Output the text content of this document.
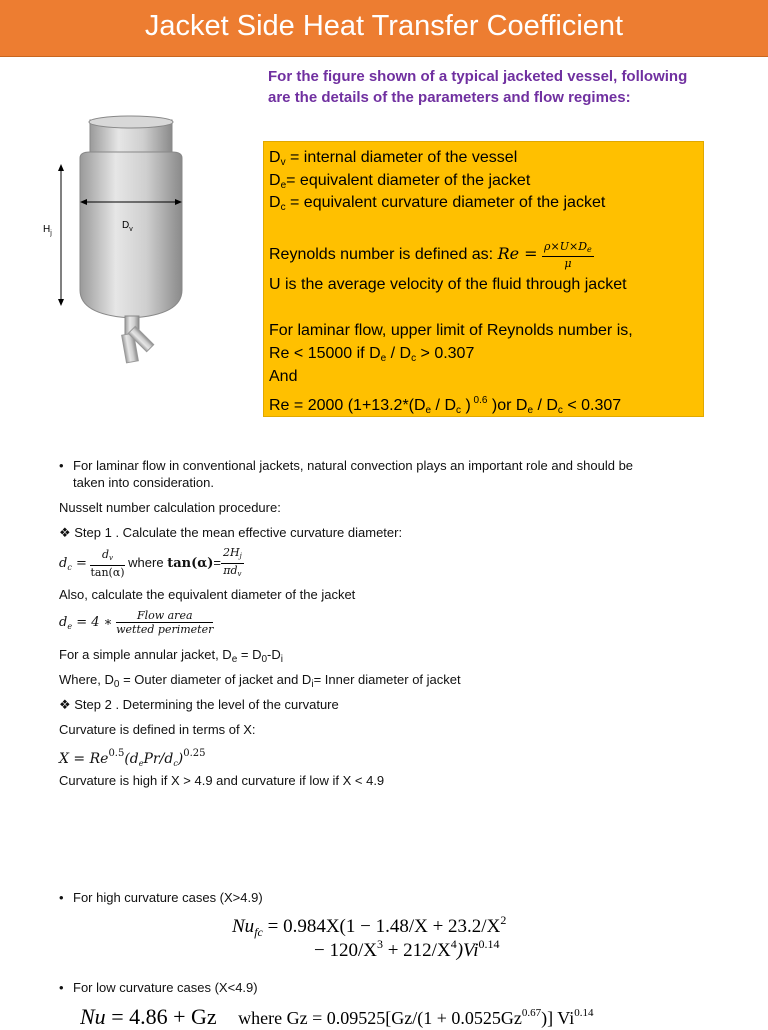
Jacket Side Heat Transfer Coefficient
For the figure shown of a typical jacketed vessel, following are the details of the parameters and flow regimes:
$H_j$
$D_v$
$D_v$ = internal diameter of the vessel
$D_e=$ equivalent diameter of the jacket
$D_c$ = equivalent curvature diameter of the jacket
Reynolds number is defined as: $Re = \frac{\rho\times U\times De}{\mu}$
U is the average velocity of the fluid through jacket
For laminar flow, upper limit of Reynolds number is,
Re < 15000 if $D_e / D_c > 0.307$
And
Re = 2000 ($1+13.2*(D_e / D_c$ ) $^{0.6}$ )or $D_e / D_c < 0.307$
• For laminar flow in conventional jackets, natural convection plays an important role and should be
taken into consideration.
Nusselt number calculation procedure:
❖ Step 1 . Calculate the mean effective curvature diameter:
$d_c = \frac{dv}{\tan(\alpha)}$ where $\tan(\alpha)= \frac{2Hj}{\text{πdv}}$
Also, calculate the equivalent diameter of the jacket
$d_e = 4$ ∗ $\frac{\text{Flow area}}{\text{wetted perimeter}}$
For a simple annular jacket, $D_e = D_0-D_i$
Where, $D_0$ = Outer diameter of jacket and $D_i=$ Inner diameter of jacket
❖ Step 2 . Determining the level of the curvature
Curvature is defined in terms of X:
$X = Re^{0.5}(d_ePr/d_c)^{0.25}$
Curvature is high if X > 4.9 and curvature if low if X < 4.9
• For high curvature cases (X>4.9)
$Nu_{fc} = 0.984X(1 - 1.48/X + 23.2/X^2$
− $120/X^3 + 212/X^4)Vi^{0.14}$
• For low curvature cases (X<4.9)
Nu = 4.86 + Gz where $Gz = 0.09525[Gz/(1 + 0.0525Gz^{0.67})]$ $Vi^{0.14}$
